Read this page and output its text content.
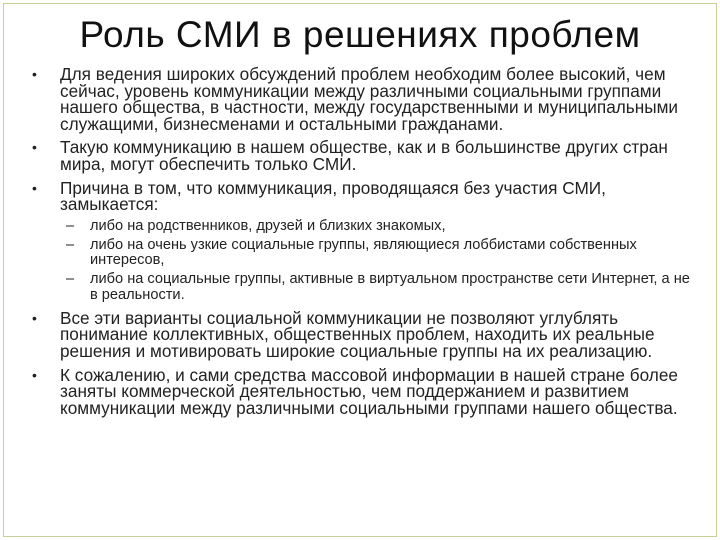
Роль СМИ в решениях проблем
• Для ведения широких обсуждений проблем необходим более высокий, чем сейчас, уровень коммуникации между различными социальными группами нашего общества, в частности, между государственными и муниципальными служащими, бизнесменами и остальными гражданами.
• Такую коммуникацию в нашем обществе, как и в большинстве других стран мира, могут обеспечить только СМИ.
• Причина в том, что коммуникация, проводящаяся без участия СМИ, замыкается:
– либо на родственников, друзей и близких знакомых,
– либо на очень узкие социальные группы, являющиеся лоббистами собственных интересов,
– либо на социальные группы, активные в виртуальном пространстве сети Интернет, а не в реальности.
• Все эти варианты социальной коммуникации не позволяют углублять понимание коллективных, общественных проблем, находить их реальные решения и мотивировать широкие социальные группы на их реализацию.
• К сожалению, и сами средства массовой информации в нашей стране более заняты коммерческой деятельностью, чем поддержанием и развитием коммуникации между различными социальными группами нашего общества.
